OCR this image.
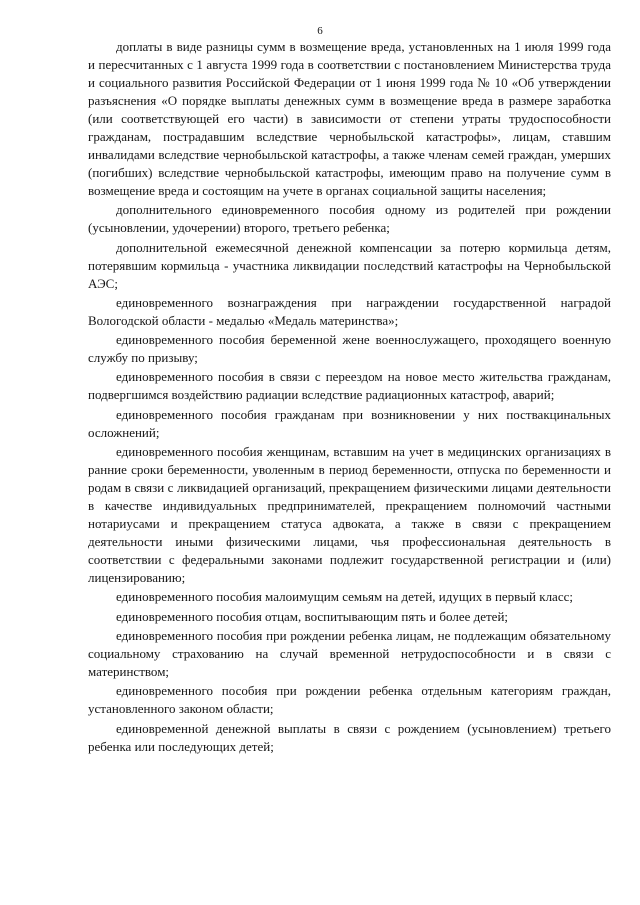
6

доплаты в виде разницы сумм в возмещение вреда, установленных на 1 июля 1999 года и пересчитанных с 1 августа 1999 года в соответствии с постановлением Министерства труда и социального развития Российской Федерации от 1 июня 1999 года № 10 «Об утверждении разъяснения «О порядке выплаты денежных сумм в возмещение вреда в размере заработка (или соответствующей его части) в зависимости от степени утраты трудоспособности гражданам, пострадавшим вследствие чернобыльской катастрофы», лицам, ставшим инвалидами вследствие чернобыльской катастрофы, а также членам семей граждан, умерших (погибших) вследствие чернобыльской катастрофы, имеющим право на получение сумм в возмещение вреда и состоящим на учете в органах социальной защиты населения;

дополнительного единовременного пособия одному из родителей при рождении (усыновлении, удочерении) второго, третьего ребенка;

дополнительной ежемесячной денежной компенсации за потерю кормильца детям, потерявшим кормильца - участника ликвидации последствий катастрофы на Чернобыльской АЭС;

единовременного вознаграждения при награждении государственной наградой Вологодской области - медалью «Медаль материнства»;

единовременного пособия беременной жене военнослужащего, проходящего военную службу по призыву;

единовременного пособия в связи с переездом на новое место жительства гражданам, подвергшимся воздействию радиации вследствие радиационных катастроф, аварий;

единовременного пособия гражданам при возникновении у них поствакцинальных осложнений;

единовременного пособия женщинам, вставшим на учет в медицинских организациях в ранние сроки беременности, уволенным в период беременности, отпуска по беременности и родам в связи с ликвидацией организаций, прекращением физическими лицами деятельности в качестве индивидуальных предпринимателей, прекращением полномочий частными нотариусами и прекращением статуса адвоката, а также в связи с прекращением деятельности иными физическими лицами, чья профессиональная деятельность в соответствии с федеральными законами подлежит государственной регистрации и (или) лицензированию;

единовременного пособия малоимущим семьям на детей, идущих в первый класс;

единовременного пособия отцам, воспитывающим пять и более детей;

единовременного пособия при рождении ребенка лицам, не подлежащим обязательному социальному страхованию на случай временной нетрудоспособности и в связи с материнством;

единовременного пособия при рождении ребенка отдельным категориям граждан, установленного законом области;

единовременной денежной выплаты в связи с рождением (усыновлением) третьего ребенка или последующих детей;
